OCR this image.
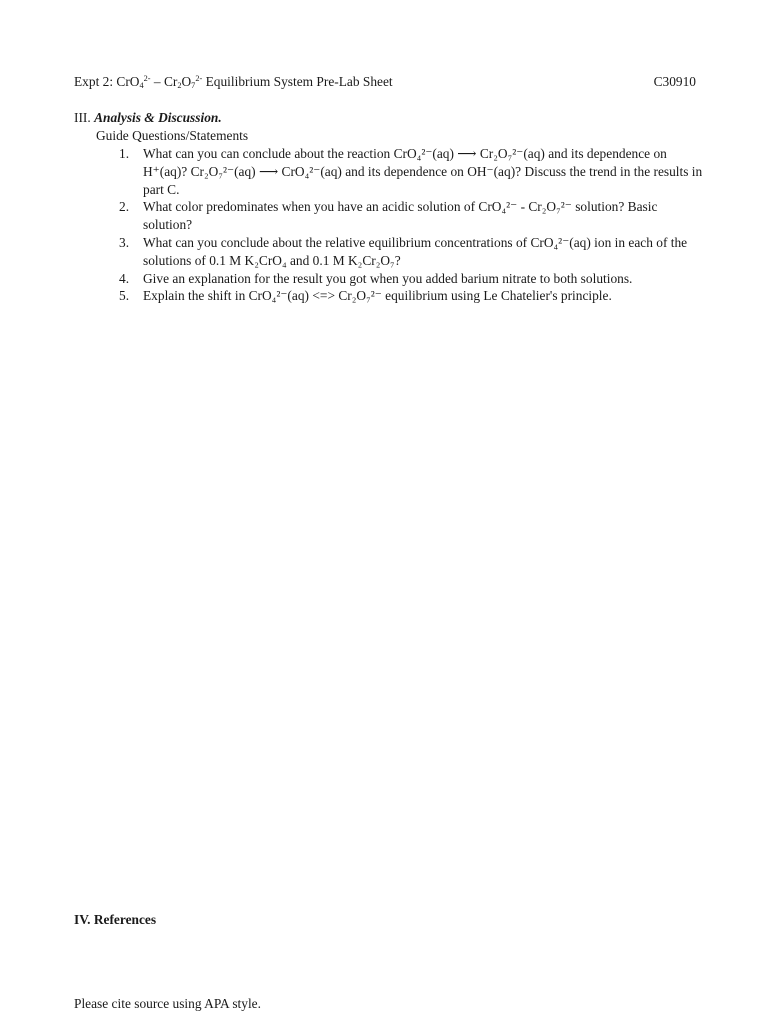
Expt 2: $CrO_4^{2-} - Cr_2O_7^{2-}$ Equilibrium System Pre-Lab Sheet	C30910
III. Analysis & Discussion.
Guide Questions/Statements
1. What can you can conclude about the reaction CrO₄²⁻(aq) ⟶ Cr₂O₇²⁻(aq) and its dependence on H⁺(aq)? Cr₂O₇²⁻(aq) ⟶ CrO₄²⁻(aq) and its dependence on OH⁻(aq)? Discuss the trend in the results in part C.
2. What color predominates when you have an acidic solution of CrO₄²⁻ - Cr₂O₇²⁻ solution? Basic solution?
3. What can you conclude about the relative equilibrium concentrations of CrO₄²⁻(aq) ion in each of the solutions of 0.1 M K₂CrO₄ and 0.1 M K₂Cr₂O₇?
4. Give an explanation for the result you got when you added barium nitrate to both solutions.
5. Explain the shift in CrO₄²⁻(aq) <=> Cr₂O₇²⁻ equilibrium using Le Chatelier's principle.
IV. References
Please cite source using APA style.
